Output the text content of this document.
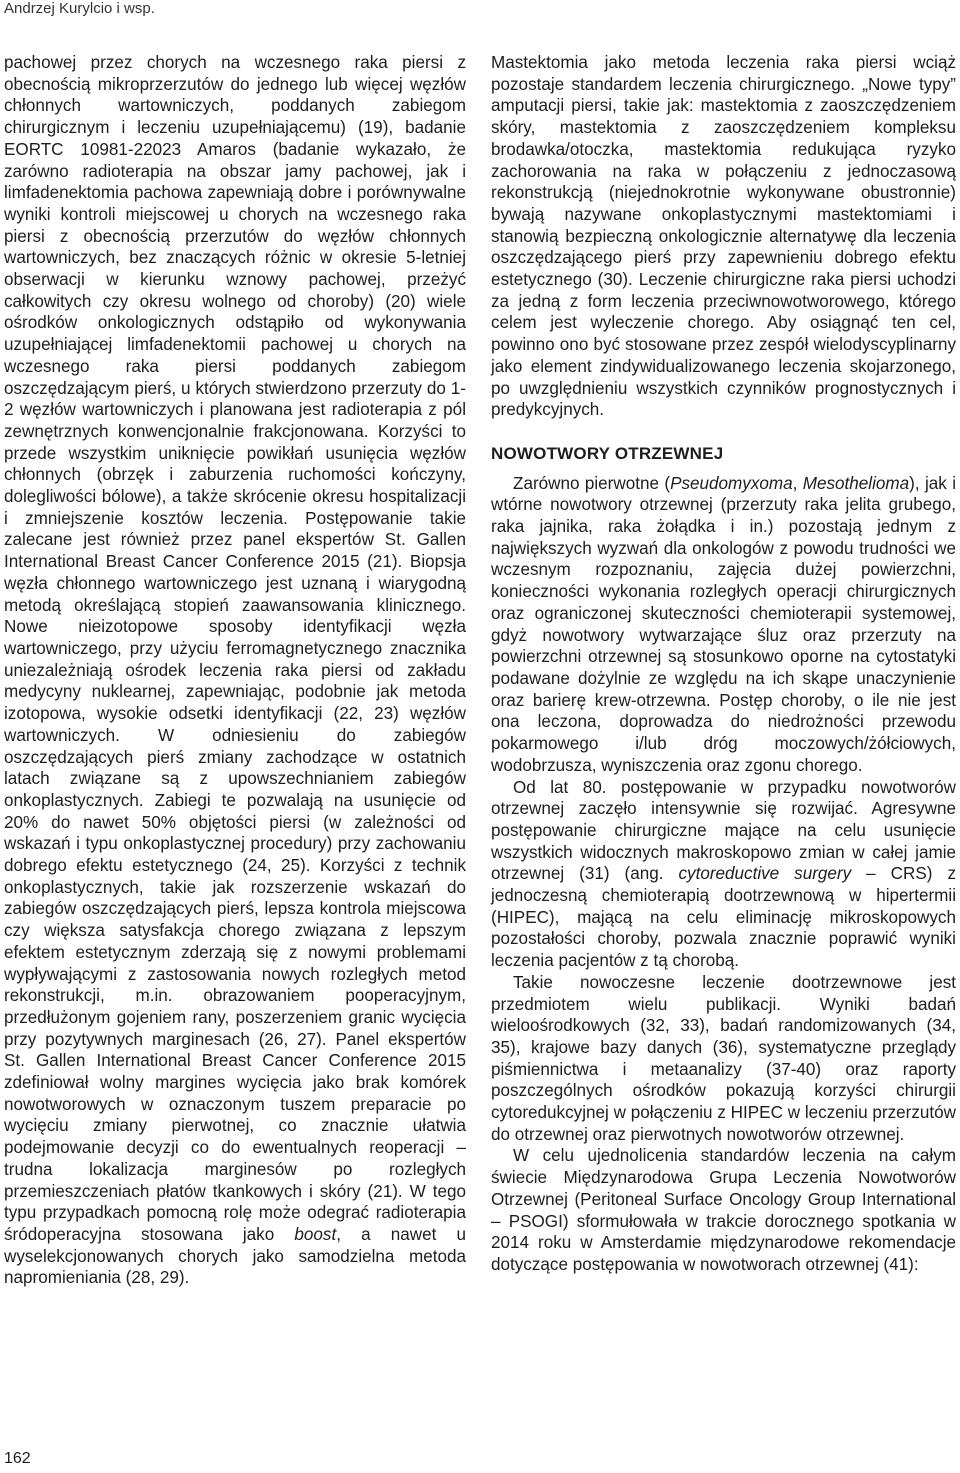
Andrzej Kurylcio i wsp.

pachowej przez chorych na wczesnego raka piersi z obecnością mikroprzerzutów do jednego lub więcej węzłów chłonnych wartowniczych, poddanych zabiegom chirurgicznym i leczeniu uzupełniającemu) (19), badanie EORTC 10981-22023 Amaros (badanie wykazało, że zarówno radioterapia na obszar jamy pachowej, jak i limfadenektomia pachowa zapewniają dobre i porównywalne wyniki kontroli miejscowej u chorych na wczesnego raka piersi z obecnością przerzutów do węzłów chłonnych wartowniczych, bez znaczących różnic w okresie 5-letniej obserwacji w kierunku wznowy pachowej, przeżyć całkowitych czy okresu wolnego od choroby) (20) wiele ośrodków onkologicznych odstąpiło od wykonywania uzupełniającej limfadenektomii pachowej u chorych na wczesnego raka piersi poddanych zabiegom oszczędzającym pierś, u których stwierdzono przerzuty do 1-2 węzłów wartowniczych i planowana jest radioterapia z pól zewnętrznych konwencjonalnie frakcjonowana. Korzyści to przede wszystkim uniknięcie powikłań usunięcia węzłów chłonnych (obrzęk i zaburzenia ruchomości kończyny, dolegliwości bólowe), a także skrócenie okresu hospitalizacji i zmniejszenie kosztów leczenia. Postępowanie takie zalecane jest również przez panel ekspertów St. Gallen International Breast Cancer Conference 2015 (21). Biopsja węzła chłonnego wartowniczego jest uznaną i wiarygodną metodą określającą stopień zaawansowania klinicznego. Nowe nieizotopowe sposoby identyfikacji węzła wartowniczego, przy użyciu ferromagnetycznego znacznika uniezależniają ośrodek leczenia raka piersi od zakładu medycyny nuklearnej, zapewniając, podobnie jak metoda izotopowa, wysokie odsetki identyfikacji (22, 23) węzłów wartowniczych. W odniesieniu do zabiegów oszczędzających pierś zmiany zachodzące w ostatnich latach związane są z upowszechnianiem zabiegów onkoplastycznych. Zabiegi te pozwalają na usunięcie od 20% do nawet 50% objętości piersi (w zależności od wskazań i typu onkoplastycznej procedury) przy zachowaniu dobrego efektu estetycznego (24, 25). Korzyści z technik onkoplastycznych, takie jak rozszerzenie wskazań do zabiegów oszczędzających pierś, lepsza kontrola miejscowa czy większa satysfakcja chorego związana z lepszym efektem estetycznym zderzają się z nowymi problemami wypływającymi z zastosowania nowych rozległych metod rekonstrukcji, m.in. obrazowaniem pooperacyjnym, przedłużonym gojeniem rany, poszerzeniem granic wycięcia przy pozytywnych marginesach (26, 27). Panel ekspertów St. Gallen International Breast Cancer Conference 2015 zdefiniował wolny margines wycięcia jako brak komórek nowotworowych w oznaczonym tuszem preparacie po wycięciu zmiany pierwotnej, co znacznie ułatwia podejmowanie decyzji co do ewentualnych reoperacji – trudna lokalizacja marginesów po rozległych przemieszczeniach płatów tkankowych i skóry (21). W tego typu przypadkach pomocną rolę może odegrać radioterapia śródoperacyjna stosowana jako boost, a nawet u wyselekcjonowanych chorych jako samodzielna metoda napromieniania (28, 29).

Mastektomia jako metoda leczenia raka piersi wciąż pozostaje standardem leczenia chirurgicznego. „Nowe typy” amputacji piersi, takie jak: mastektomia z zaoszczędzeniem skóry, mastektomia z zaoszczędzeniem kompleksu brodawka/otoczka, mastektomia redukująca ryzyko zachorowania na raka w połączeniu z jednoczasową rekonstrukcją (niejednokrotnie wykonywane obustronnie) bywają nazywane onkoplastycznymi mastektomiami i stanowią bezpieczną onkologicznie alternatywę dla leczenia oszczędzającego pierś przy zapewnieniu dobrego efektu estetycznego (30). Leczenie chirurgiczne raka piersi uchodzi za jedną z form leczenia przeciwnowotworowego, którego celem jest wyleczenie chorego. Aby osiągnąć ten cel, powinno ono być stosowane przez zespół wielodyscyplinarny jako element zindywidualizowanego leczenia skojarzonego, po uwzględnieniu wszystkich czynników prognostycznych i predykcyjnych.

NOWOTWORY OTRZEWNEJ

Zarówno pierwotne (Pseudomyxoma, Mesothelioma), jak i wtórne nowotwory otrzewnej (przerzuty raka jelita grubego, raka jajnika, raka żołądka i in.) pozostają jednym z największych wyzwań dla onkologów z powodu trudności we wczesnym rozpoznaniu, zajęcia dużej powierzchni, konieczności wykonania rozległych operacji chirurgicznych oraz ograniczonej skuteczności chemioterapii systemowej, gdyż nowotwory wytwarzające śluz oraz przerzuty na powierzchni otrzewnej są stosunkowo oporne na cytostatyki podawane dożylnie ze względu na ich skąpe unaczynienie oraz barierę krew-otrzewna. Postęp choroby, o ile nie jest ona leczona, doprowadza do niedrożności przewodu pokarmowego i/lub dróg moczowych/żółciowych, wodobrzusza, wyniszczenia oraz zgonu chorego.

Od lat 80. postępowanie w przypadku nowotworów otrzewnej zaczęło intensywnie się rozwijać. Agresywne postępowanie chirurgiczne mające na celu usunięcie wszystkich widocznych makroskopowo zmian w całej jamie otrzewnej (31) (ang. cytoreductive surgery – CRS) z jednoczesną chemioterapią dootrzewnową w hipertermii (HIPEC), mającą na celu eliminację mikroskopowych pozostałości choroby, pozwala znacznie poprawić wyniki leczenia pacjentów z tą chorobą.

Takie nowoczesne leczenie dootrzewnowe jest przedmiotem wielu publikacji. Wyniki badań wieloośrodkowych (32, 33), badań randomizowanych (34, 35), krajowe bazy danych (36), systematyczne przeglądy piśmiennictwa i metaanalizy (37-40) oraz raporty poszczególnych ośrodków pokazują korzyści chirurgii cytoredukcyjnej w połączeniu z HIPEC w leczeniu przerzutów do otrzewnej oraz pierwotnych nowotworów otrzewnej.

W celu ujednolicenia standardów leczenia na całym świecie Międzynarodowa Grupa Leczenia Nowotworów Otrzewnej (Peritoneal Surface Oncology Group International – PSOGI) sformułowała w trakcie dorocznego spotkania w 2014 roku w Amsterdamie międzynarodowe rekomendacje dotyczące postępowania w nowotworach otrzewnej (41):

162
